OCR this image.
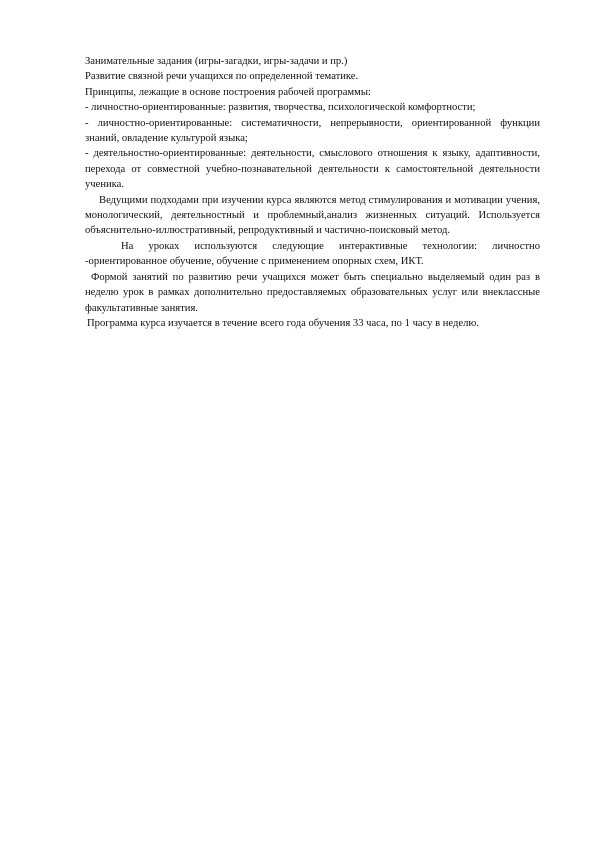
Занимательные задания (игры-загадки, игры-задачи и пр.)

Развитие связной речи учащихся по определенной тематике.

Принципы, лежащие в основе построения рабочей программы:

- личностно-ориентированные: развития, творчества, психологической комфортности;

- личностно-ориентированные: систематичности, непрерывности, ориентированной функции знаний, овладение культурой языка;

- деятельностно-ориентированные: деятельности, смыслового отношения к языку, адаптивности, перехода от совместной учебно-познавательной деятельности к самостоятельной деятельности ученика.

Ведущими подходами при изучении курса являются метод стимулирования и мотивации учения, монологический, деятельностный и проблемный,анализ жизненных ситуаций. Используется объяснительно-иллюстративный, репродуктивный и частично-поисковый метод.

На уроках используются следующие интерактивные технологии: личностно -ориентированное обучение, обучение с применением опорных схем, ИКТ.

Формой занятий по развитию речи учащихся может быть специально выделяемый один раз в неделю урок в рамках дополнительно предоставляемых образовательных услуг или внеклассные факультативные занятия.

Программа курса изучается в течение всего года обучения 33 часа, по 1 часу в неделю.
